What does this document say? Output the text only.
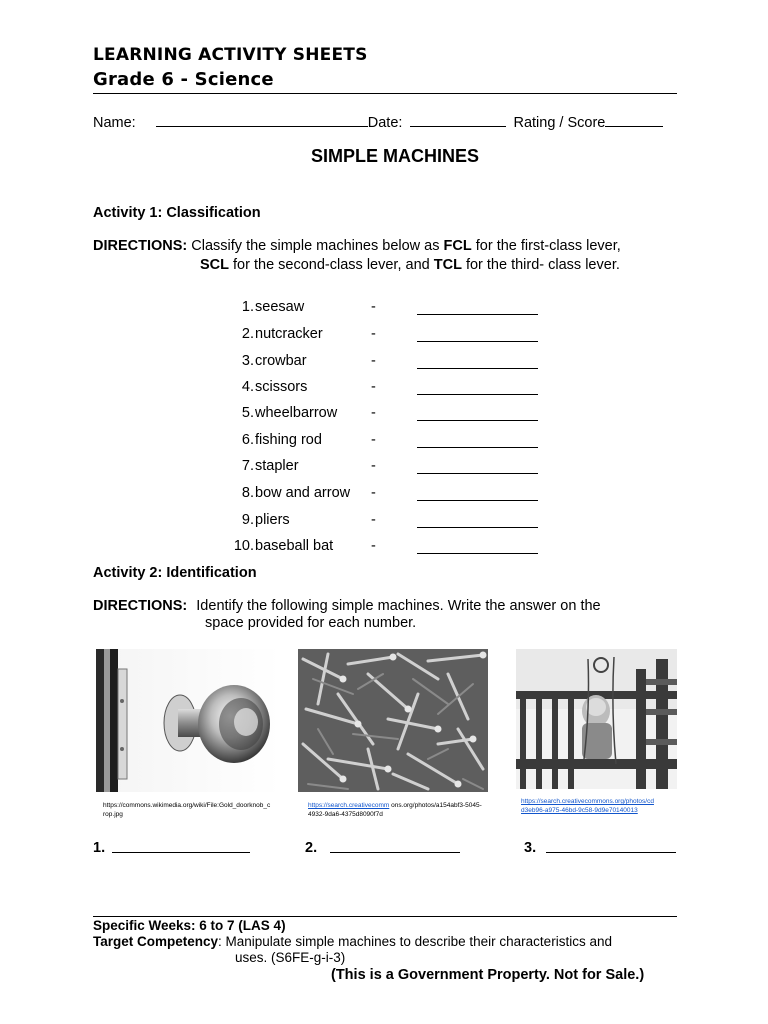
LEARNING ACTIVITY SHEETS
Grade 6 - Science
Name:	Date:	Rating / Score
SIMPLE MACHINES
Activity 1: Classification
DIRECTIONS: Classify the simple machines below as FCL for the first-class lever,
SCL for the second-class lever, and TCL for the third- class lever.
1. seesaw	-
2. nutcracker	-
3. crowbar	-
4. scissors	-
5. wheelbarrow -
6. fishing rod	-
7. stapler	-
8. bow and arrow -
9. pliers	-
10. baseball bat	-
Activity 2: Identification
DIRECTIONS: Identify the following simple machines. Write the answer on the
space provided for each number.
https://commons.wikimedia.org/wiki/File:Gold_doorknob_c rop.jpg
https://search.creativecomm ons.org/photos/a154abf3-5045-4932-9da6-4375d8090f7d
https://search.creativecommons.org/photos/cd d3eb96-a975-46bd-9c58-9d9e70140013
1.	2.	3.
Specific Weeks: 6 to 7 (LAS 4)
Target Competency: Manipulate simple machines to describe their characteristics and
uses. (S6FE-g-i-3)
(This is a Government Property. Not for Sale.)
